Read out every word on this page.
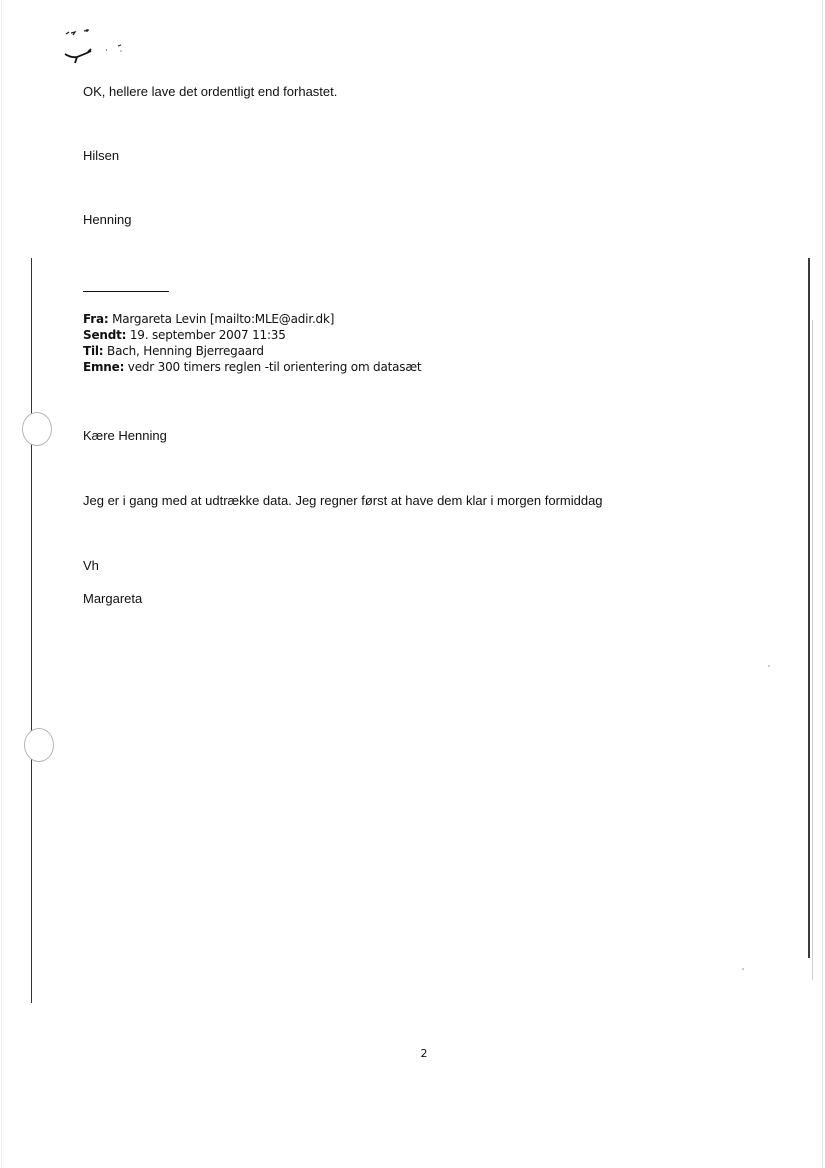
OK, hellere lave det ordentligt end forhastet.
Hilsen
Henning
Fra: Margareta Levin [mailto:MLE@adir.dk]
Sendt: 19. september 2007 11:35
Til: Bach, Henning Bjerregaard
Emne: vedr 300 timers reglen -til orientering om datasæt
Kære Henning
Jeg er i gang med at udtrække data. Jeg regner først at have dem klar i morgen formiddag
Vh
Margareta
2
